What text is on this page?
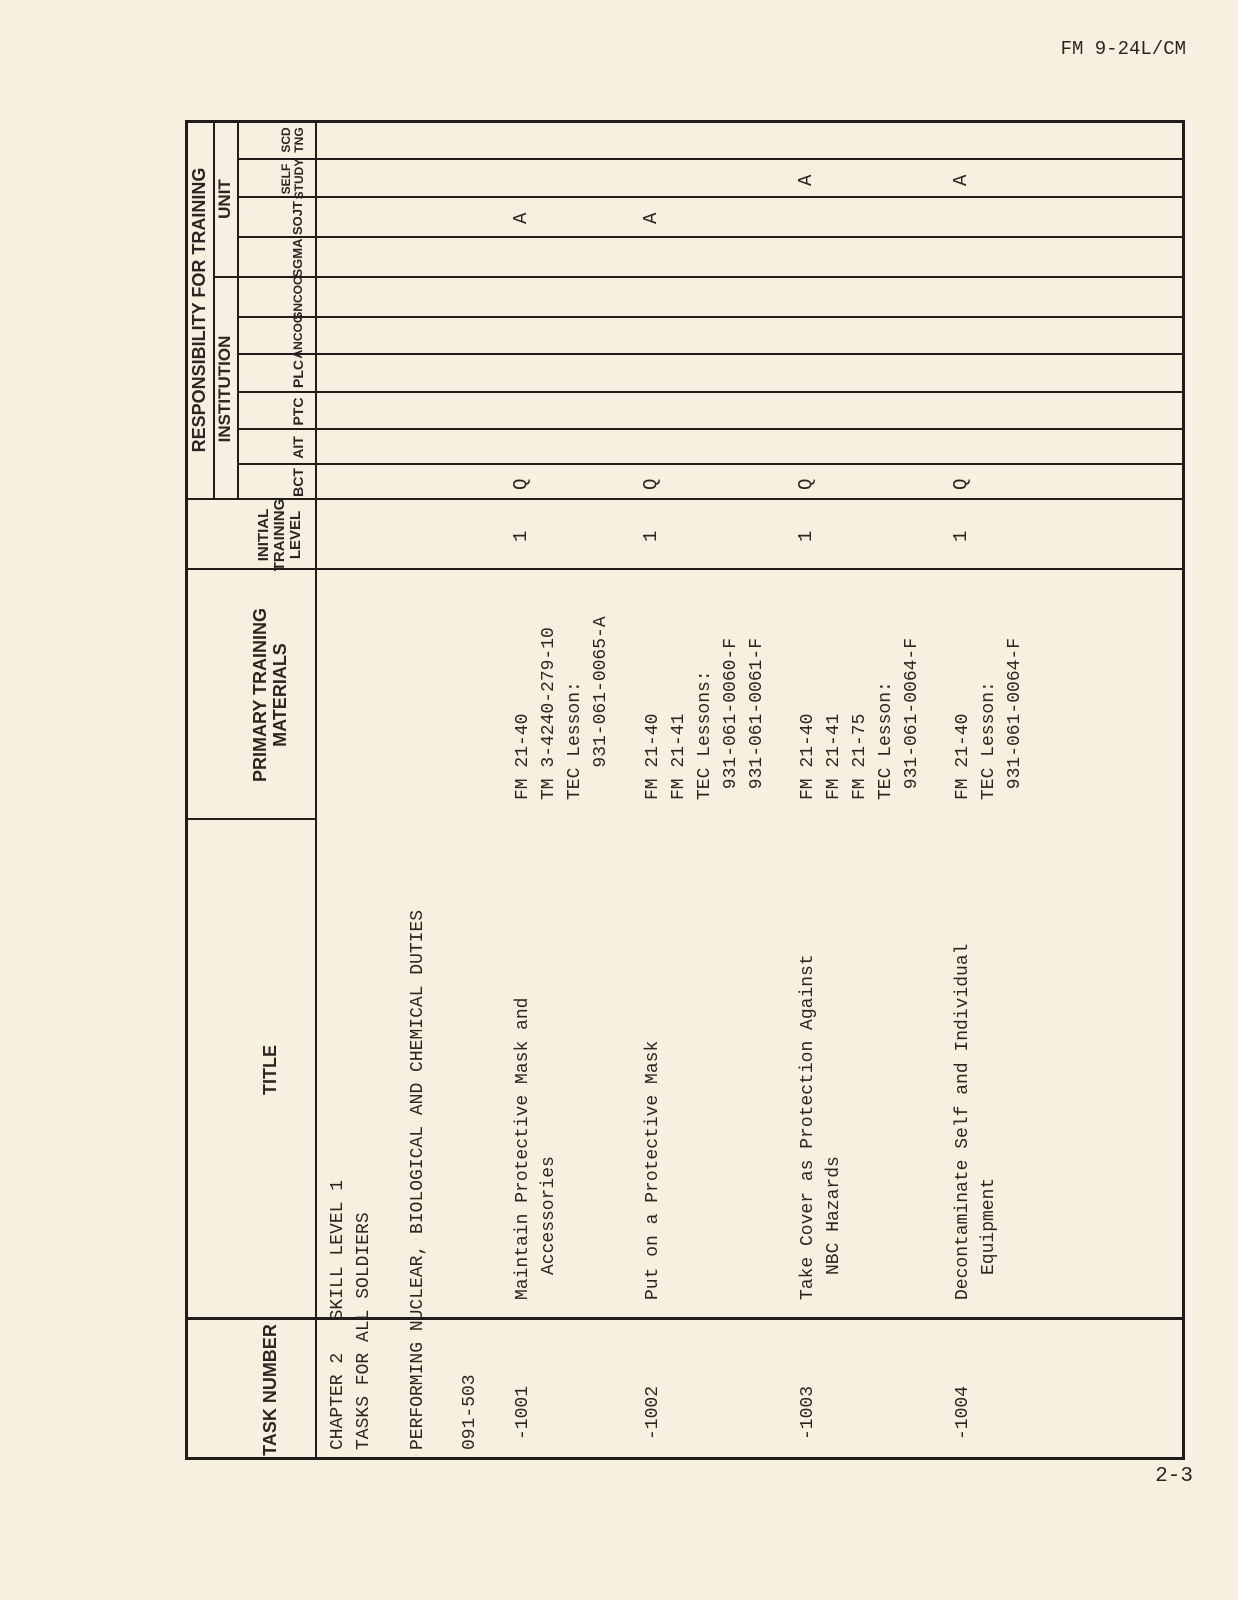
FM 9-24L/CM
2-3
TASK NUMBER
TITLE
PRIMARY TRAINING MATERIALS
INITIAL TRAINING LEVEL
RESPONSIBILITY FOR TRAINING INSTITUTION
UNIT
BCT
AIT
PTC
PLC
ANCOC
SNCOC
SGMA
SOJT
SELF STUDY
SCD TNG
CHAPTER 2   SKILL LEVEL 1 TASKS FOR ALL SOLDIERS PERFORMING NUCLEAR, BIOLOGICAL AND CHEMICAL DUTIES 091-503 -1001
Maintain Protective Mask and Accessories
FM 21-40 TM 3-4240-279-10 TEC Lesson: 931-061-0065-A
1
Q
A
-1002
Put on a Protective Mask
FM 21-40 FM 21-41 TEC Lessons: 931-061-0060-F 931-061-0061-F
1
Q
A
-1003
Take Cover as Protection Against NBC Hazards
FM 21-40 FM 21-41 FM 21-75 TEC Lesson: 931-061-0064-F
1
Q
A
-1004
Decontaminate Self and Individual Equipment
FM 21-40 TEC Lesson: 931-061-0064-F
1
Q
A
